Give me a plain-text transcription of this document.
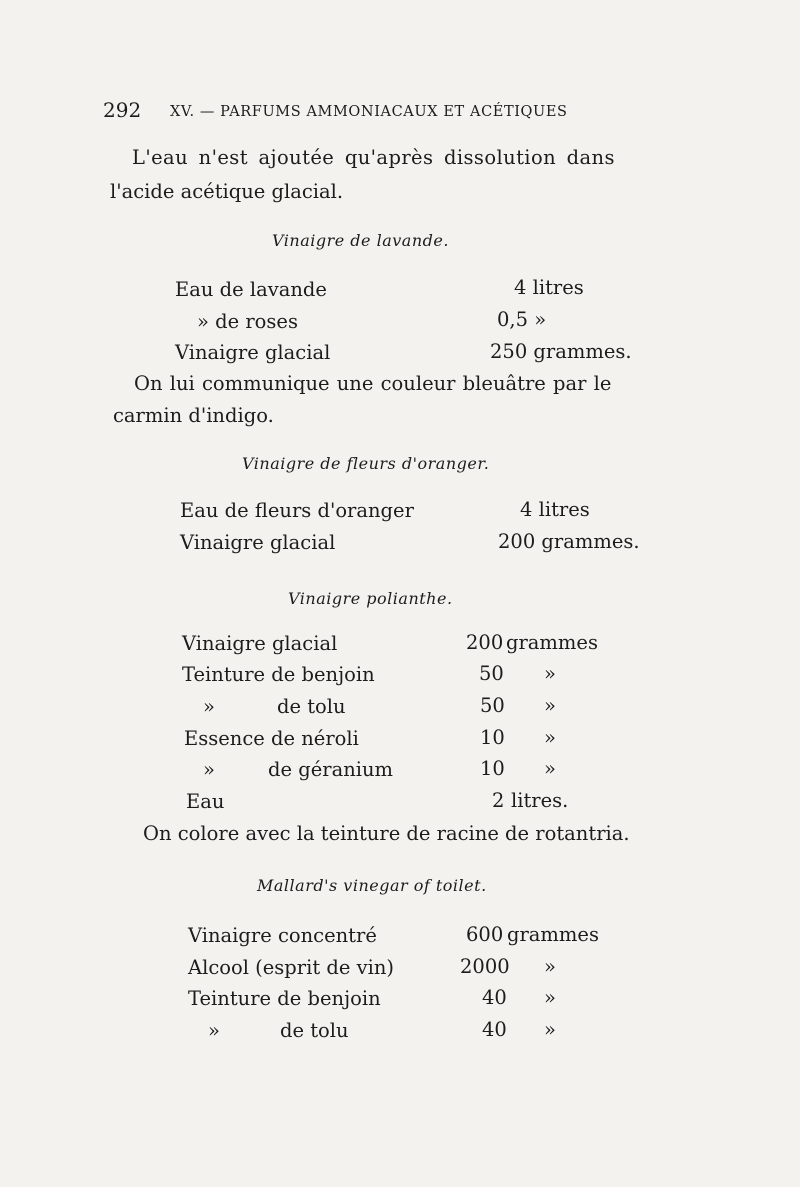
292 XV. — PARFUMS AMMONIACAUX ET ACÉTIQUES
L'eau n'est ajoutée qu'après dissolution dans
l'acide acétique glacial.
Vinaigre de lavande.
Eau de lavande	4 litres
» de roses	0,5 »
Vinaigre glacial	250 grammes.
On lui communique une couleur bleuâtre par le
carmin d'indigo.
Vinaigre de fleurs d'oranger.
Eau de fleurs d'oranger	4 litres
Vinaigre glacial	200 grammes.
Vinaigre polianthe.
Vinaigre glacial	200 grammes
Teinture de benjoin	50 »
»	de tolu	50 »
Essence de néroli	10 »
»	de géranium	10 »
Eau	2 litres.
On colore avec la teinture de racine de rotantria.
Mallard's vinegar of toilet.
Vinaigre concentré	600 grammes
Alcool (esprit de vin)	2000 »
Teinture de benjoin	40 »
»	de tolu	40 »
